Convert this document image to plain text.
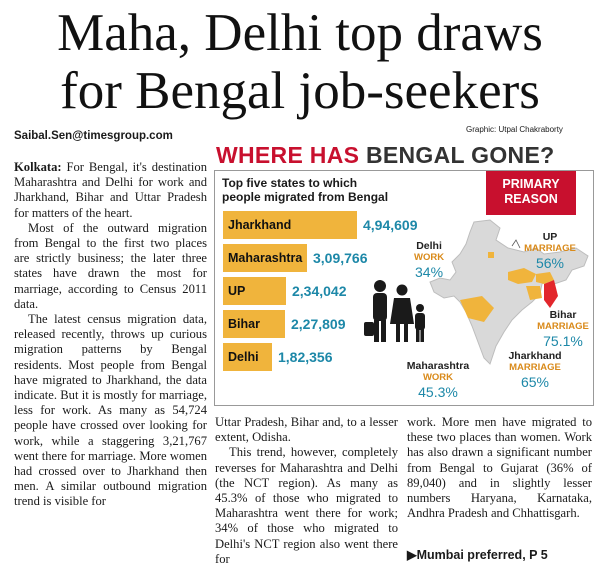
Maha, Delhi top draws
for Bengal job-seekers
Saibal.Sen@timesgroup.com
Graphic: Utpal Chakraborty

Kolkata: For Bengal, it's destination Maharashtra and Delhi for work and Jharkhand, Bihar and Uttar Pradesh for matters of the heart.

Most of the outward migration from Bengal to the first two places are strictly business; the later three states have drawn the most for marriage, according to Census 2011 data.

The latest census migration data, released recently, throws up curious migration patterns by Bengal residents. Most people from Bengal have migrated to Jharkhand, the data indicate. But it is mostly for marriage, less for work. As many as 54,724 people have crossed over looking for work, while a staggering 3,21,767 went there for marriage. More women had crossed over to Jharkhand then men. A similar outbound migration trend is visible for

WHERE HAS BENGAL GONE?
Top five states to which
people migrated from Bengal
PRIMARY
REASON
Jharkhand	4,94,609
Maharashtra 3,09,766
UP	2,34,042
Bihar 2,27,809
Delhi 1,82,356
Delhi
WORK
34%
UP
MARRIAGE
56%
Bihar
MARRIAGE
75.1%
Maharashtra
WORK
45.3%
Jharkhand
MARRIAGE
65%

Uttar Pradesh, Bihar and, to a lesser extent, Odisha.

This trend, however, completely reverses for Maharashtra and Delhi (the NCT region). As many as 45.3% of those who migrated to Maharashtra went there for work; 34% of those who migrated to Delhi's NCT region also went there for

work. More men have migrated to these two places than women. Work has also drawn a significant number from Bengal to Gujarat (36% of 89,040) and in slightly lesser numbers Haryana, Karnataka, Andhra Pradesh and Chhattisgarh.

▶Mumbai preferred, P 5
